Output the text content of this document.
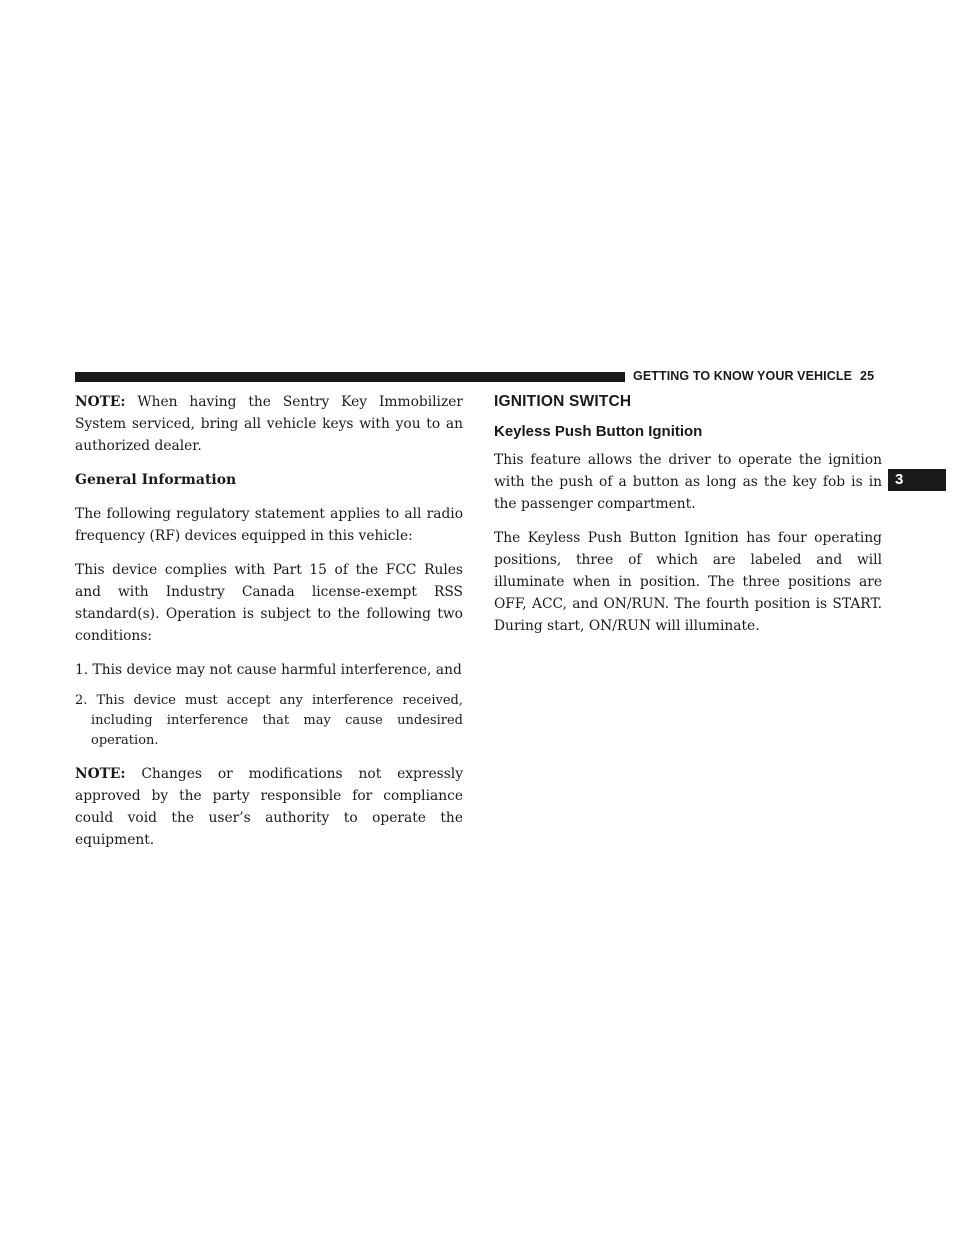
GETTING TO KNOW YOUR VEHICLE 25
3

NOTE: When having the Sentry Key Immobilizer System serviced, bring all vehicle keys with you to an authorized dealer.

General Information

The following regulatory statement applies to all radio frequency (RF) devices equipped in this vehicle:

This device complies with Part 15 of the FCC Rules and with Industry Canada license-exempt RSS standard(s). Operation is subject to the following two conditions:

1. This device may not cause harmful interference, and
2. This device must accept any interference received, including interference that may cause undesired operation.

NOTE: Changes or modifications not expressly approved by the party responsible for compliance could void the user’s authority to operate the equipment.

IGNITION SWITCH
Keyless Push Button Ignition

This feature allows the driver to operate the ignition with the push of a button as long as the key fob is in the passenger compartment.

The Keyless Push Button Ignition has four operating positions, three of which are labeled and will illuminate when in position. The three positions are OFF, ACC, and ON/RUN. The fourth position is START. During start, ON/RUN will illuminate.
